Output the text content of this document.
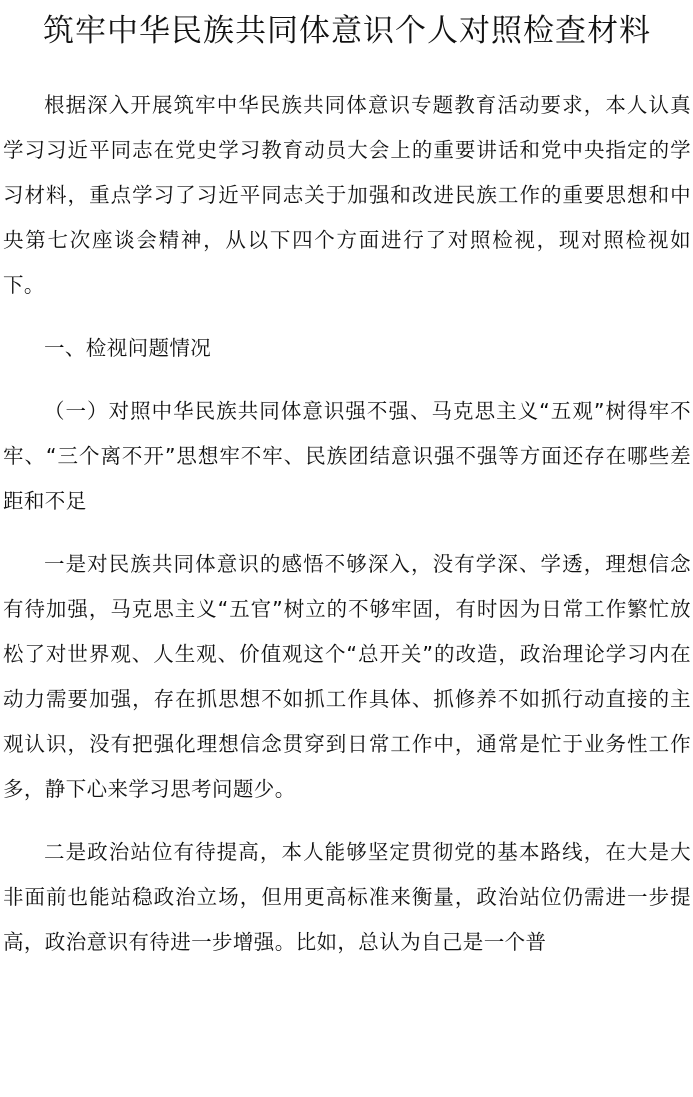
筑牢中华民族共同体意识个人对照检查材料

根据深入开展筑牢中华民族共同体意识专题教育活动要求，本人认真学习习近平同志在党史学习教育动员大会上的重要讲话和党中央指定的学习材料，重点学习了习近平同志关于加强和改进民族工作的重要思想和中央第七次座谈会精神，从以下四个方面进行了对照检视，现对照检视如下。

一、检视问题情况

（一）对照中华民族共同体意识强不强、马克思主义“五观”树得牢不牢、“三个离不开”思想牢不牢、民族团结意识强不强等方面还存在哪些差距和不足

一是对民族共同体意识的感悟不够深入，没有学深、学透，理想信念有待加强，马克思主义“五官”树立的不够牢固，有时因为日常工作繁忙放松了对世界观、人生观、价值观这个“总开关”的改造，政治理论学习内在动力需要加强，存在抓思想不如抓工作具体、抓修养不如抓行动直接的主观认识，没有把强化理想信念贯穿到日常工作中，通常是忙于业务性工作多，静下心来学习思考问题少。

二是政治站位有待提高，本人能够坚定贯彻党的基本路线，在大是大非面前也能站稳政治立场，但用更高标准来衡量，政治站位仍需进一步提高，政治意识有待进一步增强。比如，总认为自己是一个普
